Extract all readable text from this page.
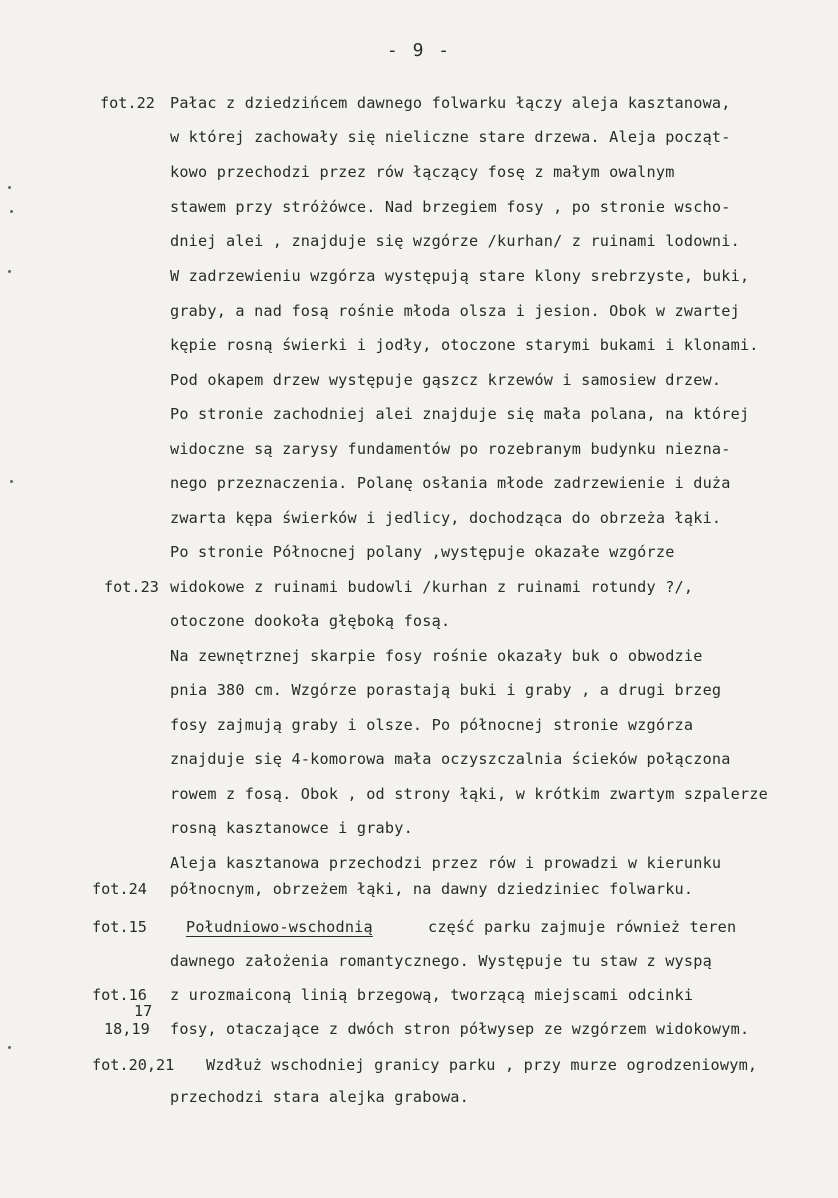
- 9 -
fot.22
fot.23
fot.24
fot.15
fot.16
17
18,19
fot.20,21
Pałac z dziedzińcem dawnego folwarku łączy aleja kasztanowa,
w której zachowały się nieliczne stare drzewa. Aleja począt-
kowo przechodzi przez rów łączący fosę z małym owalnym
stawem przy stróżówce. Nad brzegiem fosy , po stronie wscho-
dniej alei , znajduje się wzgórze /kurhan/ z ruinami lodowni.
W zadrzewieniu wzgórza występują stare klony srebrzyste, buki,
graby, a nad fosą rośnie młoda olsza i jesion. Obok w zwartej
kępie rosną świerki i jodły, otoczone starymi bukami i klonami.
Pod okapem drzew występuje gąszcz krzewów i samosiew drzew.
Po stronie zachodniej alei znajduje się mała polana, na której
widoczne są zarysy fundamentów po rozebranym budynku niezna-
nego przeznaczenia. Polanę osłania młode zadrzewienie i duża
zwarta kępa świerków i jedlicy, dochodząca do obrzeża łąki.
Po stronie Północnej polany ,występuje okazałe wzgórze
widokowe z ruinami budowli /kurhan z ruinami rotundy ?/,
otoczone dookoła głęboką fosą.
Na zewnętrznej skarpie fosy rośnie okazały buk o obwodzie
pnia 380 cm. Wzgórze porastają buki i graby , a drugi brzeg
fosy zajmują graby i olsze. Po północnej stronie wzgórza
znajduje się 4-komorowa mała oczyszczalnia ścieków połączona
rowem z fosą. Obok , od strony łąki, w krótkim zwartym szpalerze
rosną kasztanowce i graby.
Aleja kasztanowa przechodzi przez rów i prowadzi w kierunku
północnym, obrzeżem łąki, na dawny dziedziniec folwarku.
Południowo-wschodnią	część parku zajmuje również teren
dawnego założenia romantycznego. Występuje tu staw z wyspą
z urozmaiconą linią brzegową, tworzącą miejscami odcinki
fosy, otaczające z dwóch stron półwysep ze wzgórzem widokowym.
Wzdłuż wschodniej granicy parku , przy murze ogrodzeniowym,
przechodzi stara alejka grabowa.
